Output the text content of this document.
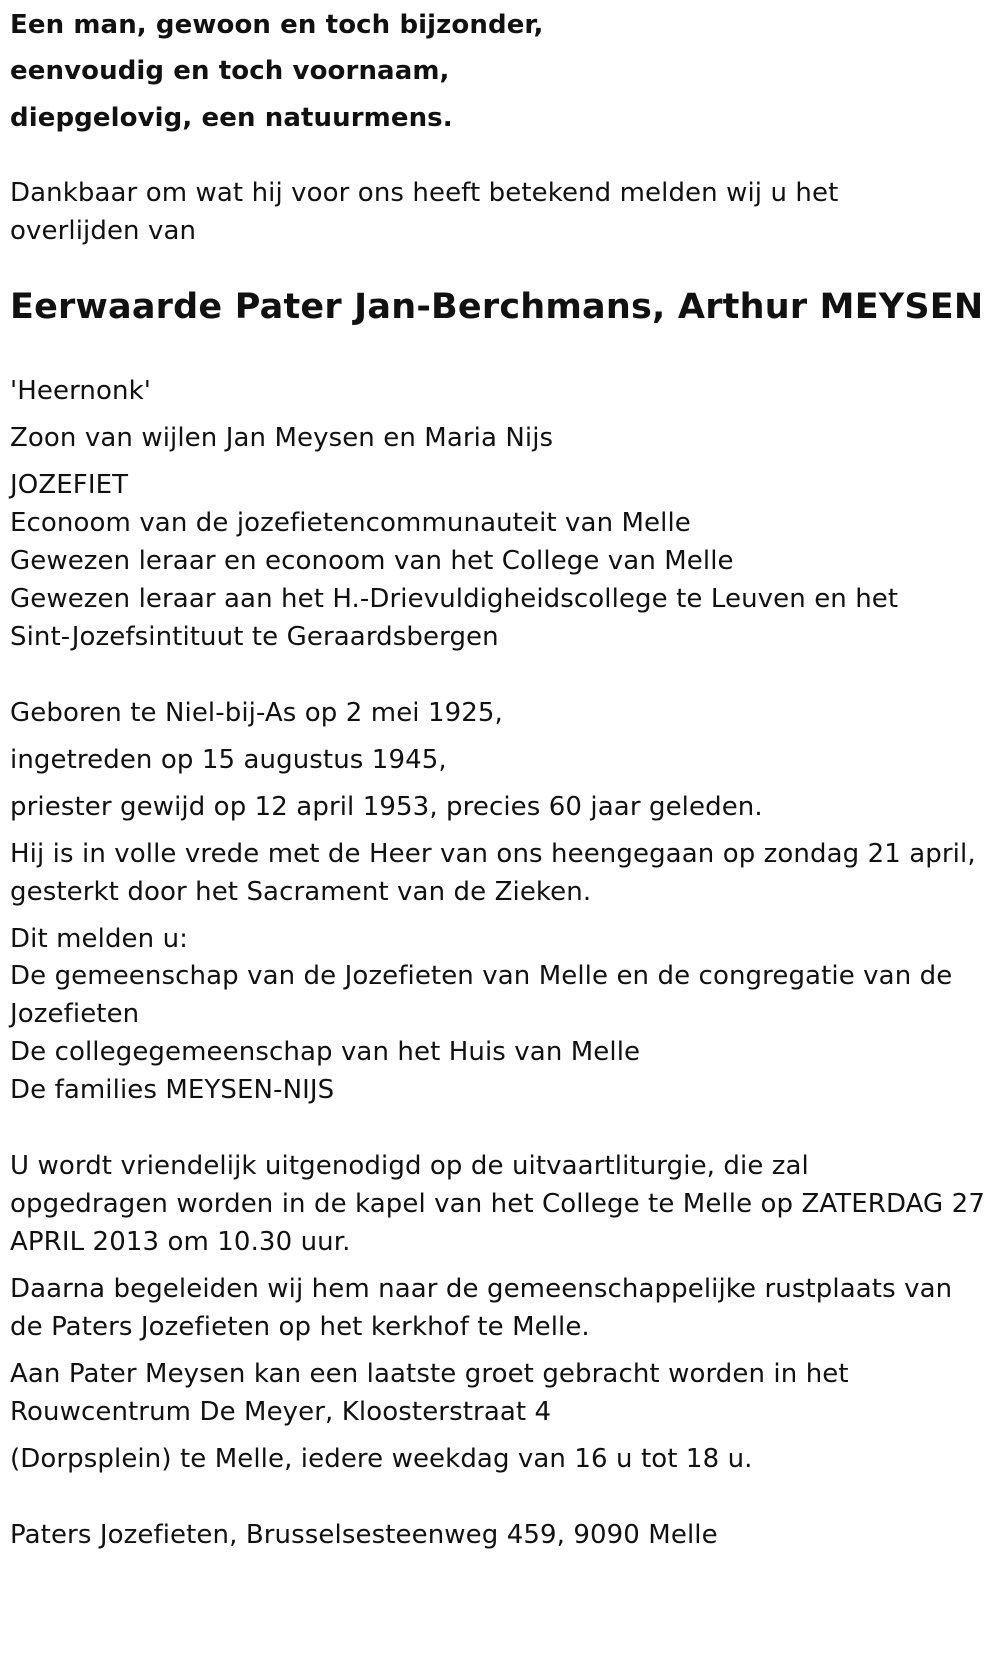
Een man, gewoon en toch bijzonder,
eenvoudig en toch voornaam,
diepgelovig, een natuurmens.
Dankbaar om wat hij voor ons heeft betekend melden wij u het
overlijden van
Eerwaarde Pater Jan-Berchmans, Arthur MEYSEN
'Heernonk'
Zoon van wijlen Jan Meysen en Maria Nijs
JOZEFIET
Econoom van de jozefietencommunauteit van Melle
Gewezen leraar en econoom van het College van Melle
Gewezen leraar aan het H.-Drievuldigheidscollege te Leuven en het
Sint-Jozefsintituut te Geraardsbergen
Geboren te Niel-bij-As op 2 mei 1925,
ingetreden op 15 augustus 1945,
priester gewijd op 12 april 1953, precies 60 jaar geleden.
Hij is in volle vrede met de Heer van ons heengegaan op zondag 21 april,
gesterkt door het Sacrament van de Zieken.
Dit melden u:
De gemeenschap van de Jozefieten van Melle en de congregatie van de
Jozefieten
De collegegemeenschap van het Huis van Melle
De families MEYSEN-NIJS
U wordt vriendelijk uitgenodigd op de uitvaartliturgie, die zal
opgedragen worden in de kapel van het College te Melle op ZATERDAG 27
APRIL 2013 om 10.30 uur.
Daarna begeleiden wij hem naar de gemeenschappelijke rustplaats van
de Paters Jozefieten op het kerkhof te Melle.
Aan Pater Meysen kan een laatste groet gebracht worden in het
Rouwcentrum De Meyer, Kloosterstraat 4
(Dorpsplein) te Melle, iedere weekdag van 16 u tot 18 u.
Paters Jozefieten, Brusselsesteenweg 459, 9090 Melle
